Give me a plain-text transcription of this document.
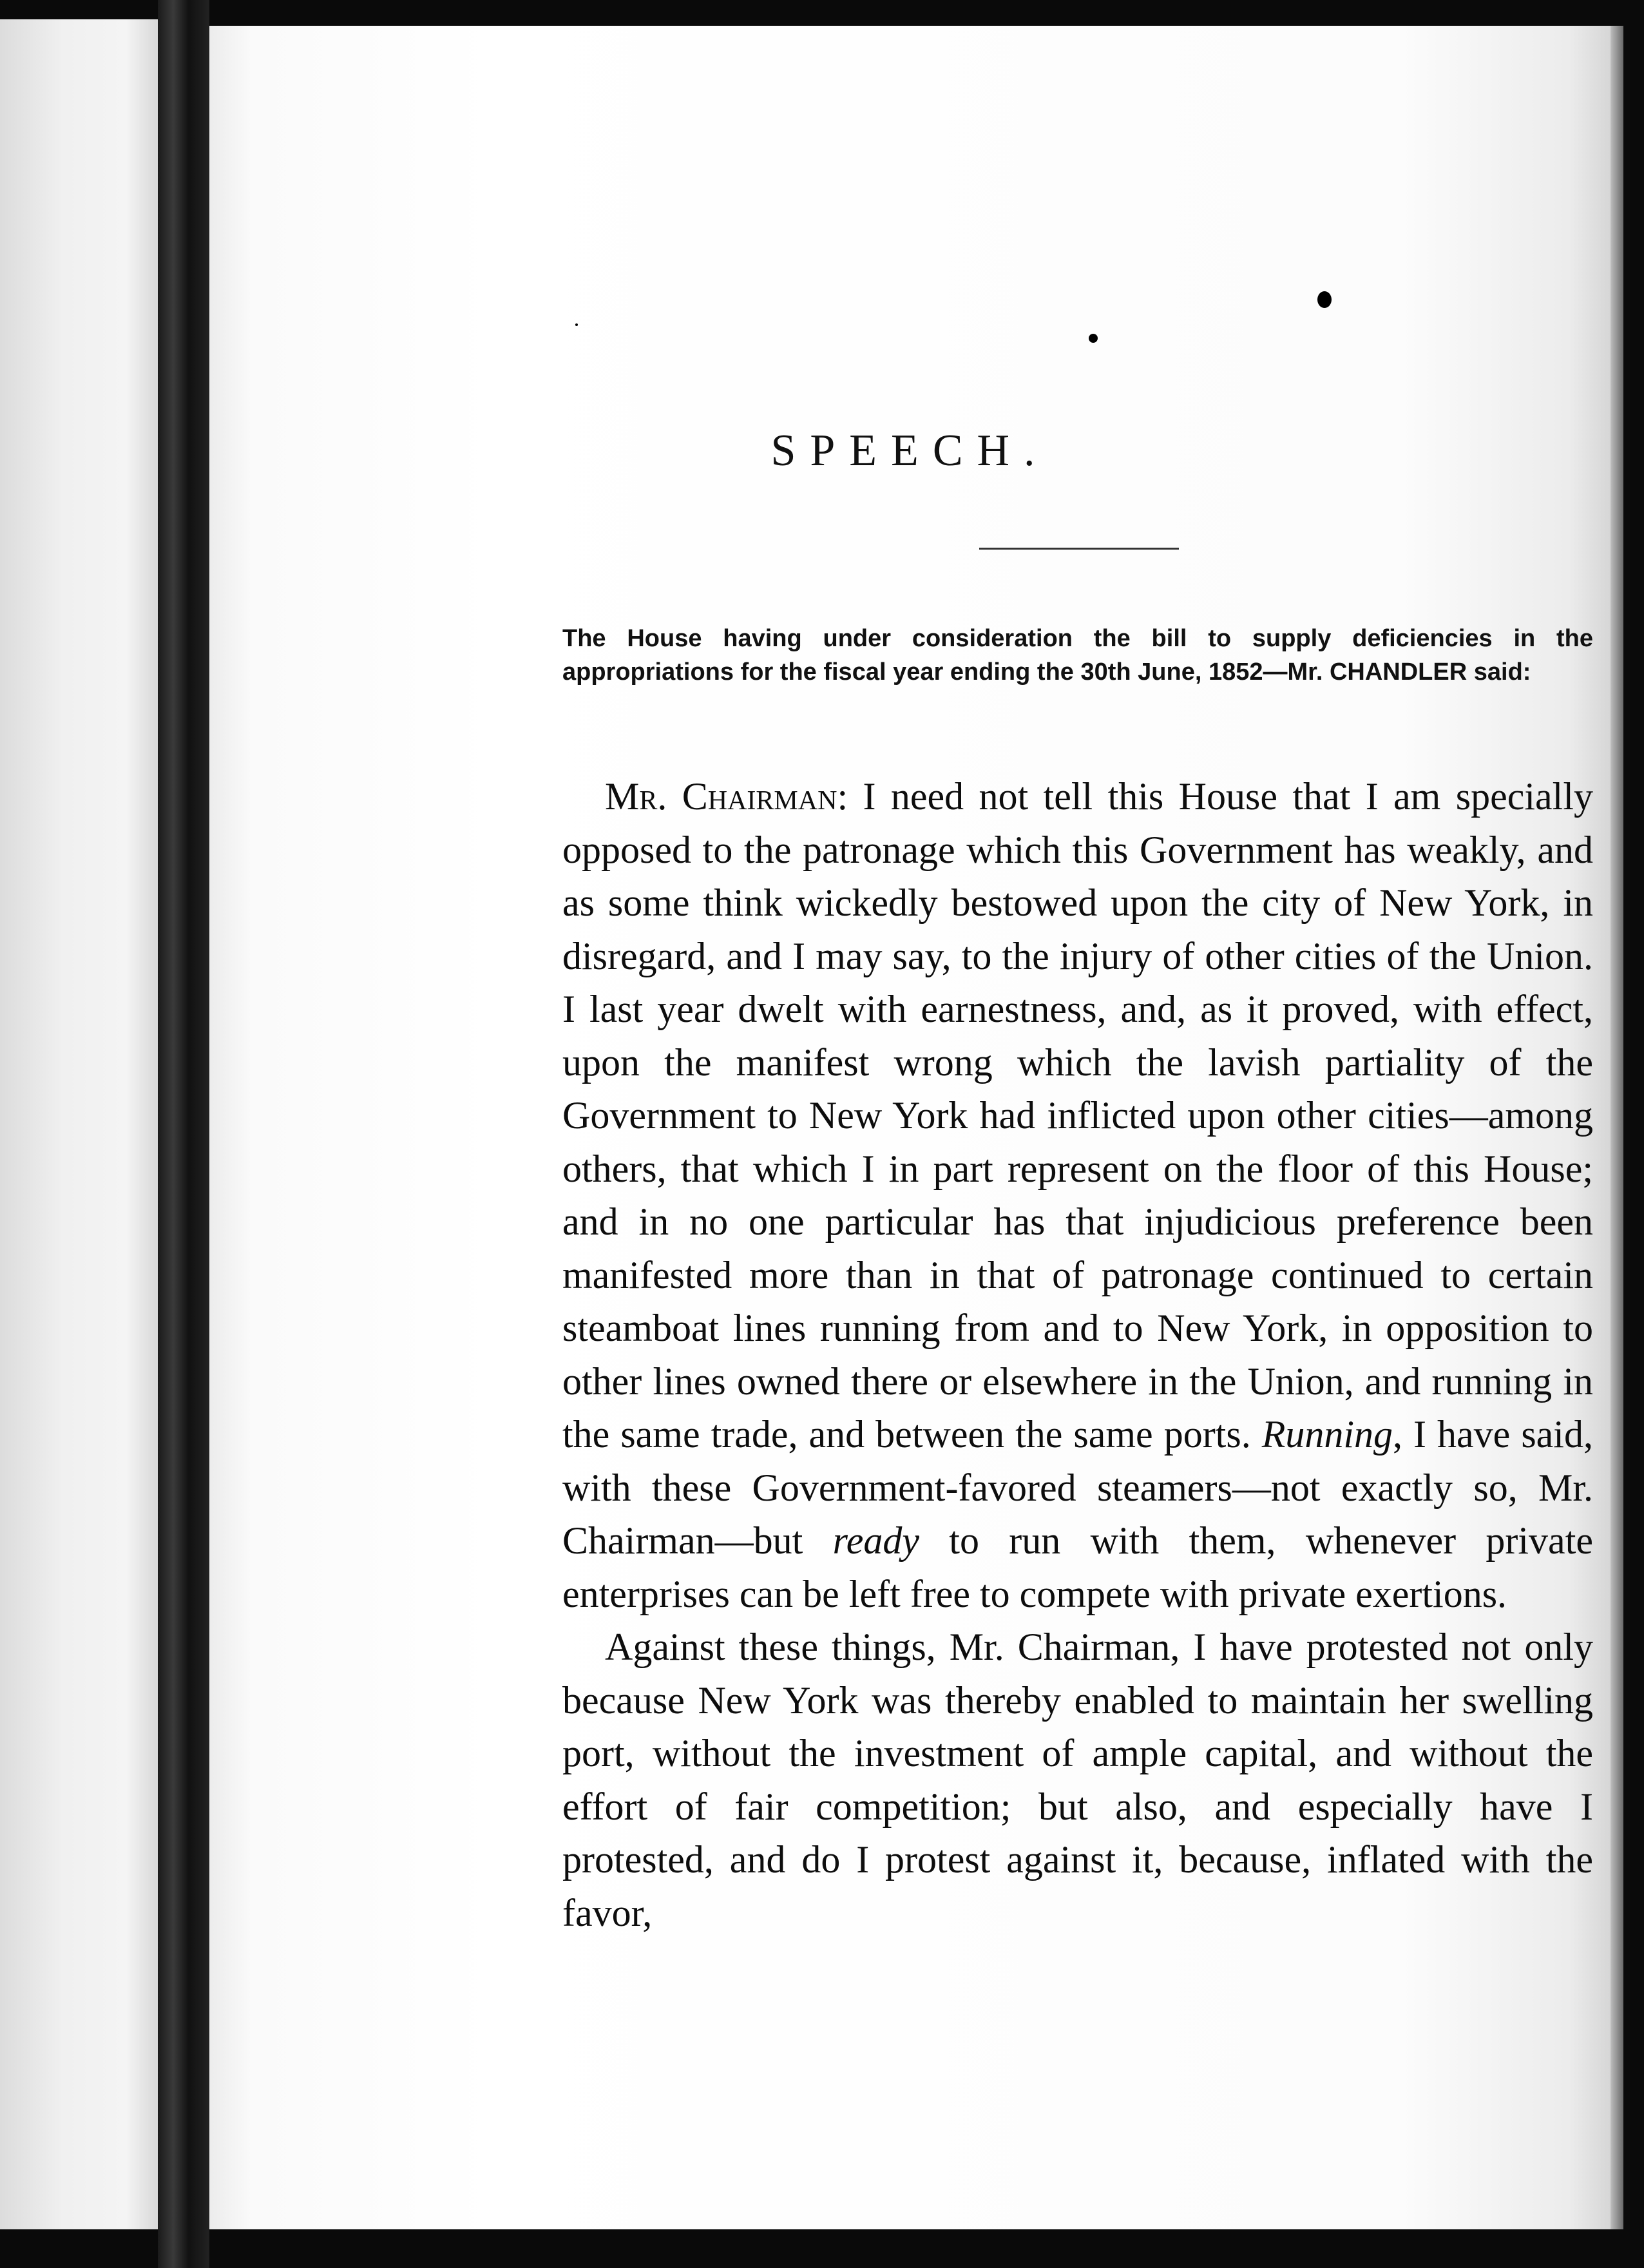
SPEECH.
The House having under consideration the bill to supply deficiencies in the appropriations for the fiscal year ending the 30th June, 1852—Mr. CHANDLER said:

Mr. Chairman: I need not tell this House that I am specially opposed to the patronage which this Government has weakly, and as some think wickedly bestowed upon the city of New York, in disregard, and I may say, to the injury of other cities of the Union. I last year dwelt with earnestness, and, as it proved, with effect, upon the manifest wrong which the lavish partiality of the Government to New York had inflicted upon other cities—among others, that which I in part represent on the floor of this House; and in no one particular has that injudicious preference been manifested more than in that of patronage continued to certain steamboat lines running from and to New York, in opposition to other lines owned there or elsewhere in the Union, and running in the same trade, and between the same ports. Running, I have said, with these Government-favored steamers—not exactly so, Mr. Chairman—but ready to run with them, whenever private enterprises can be left free to compete with private exertions.

Against these things, Mr. Chairman, I have protested not only because New York was thereby enabled to maintain her swelling port, without the investment of ample capital, and without the effort of fair competition; but also, and especially have I protested, and do I protest against it, because, inflated with the favor,
